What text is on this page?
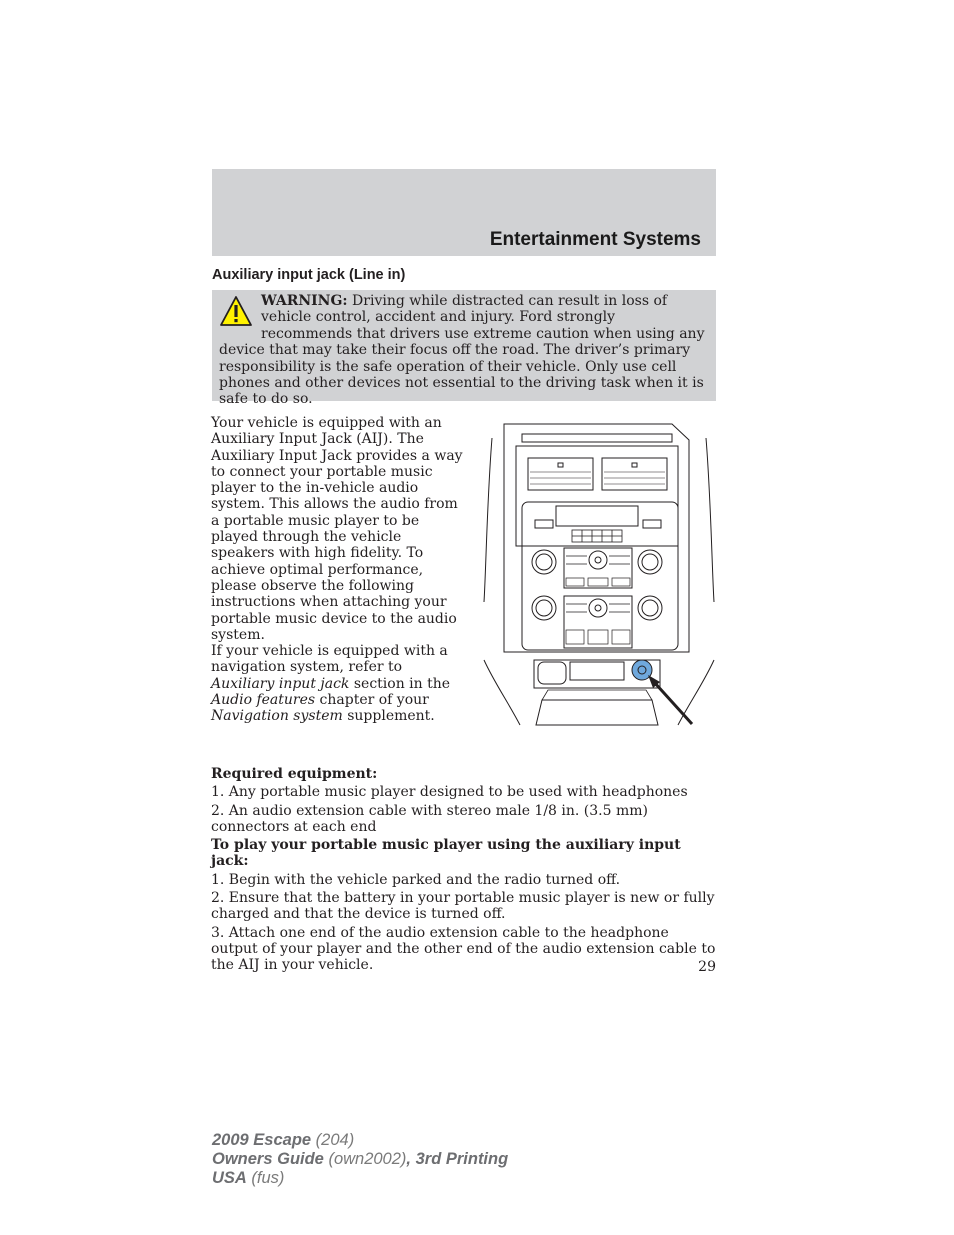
Entertainment Systems
Auxiliary input jack (Line in)
WARNING: Driving while distracted can result in loss of vehicle control, accident and injury. Ford strongly recommends that drivers use extreme caution when using any device that may take their focus off the road. The driver’s primary responsibility is the safe operation of their vehicle. Only use cell phones and other devices not essential to the driving task when it is safe to do so.

Your vehicle is equipped with an Auxiliary Input Jack (AIJ). The Auxiliary Input Jack provides a way to connect your portable music player to the in-vehicle audio system. This allows the audio from a portable music player to be played through the vehicle speakers with high fidelity. To achieve optimal performance, please observe the following instructions when attaching your portable music device to the audio system.

If your vehicle is equipped with a navigation system, refer to Auxiliary input jack section in the Audio features chapter of your Navigation system supplement.

Required equipment:

1. Any portable music player designed to be used with headphones

2. An audio extension cable with stereo male 1/8 in. (3.5 mm) connectors at each end

To play your portable music player using the auxiliary input jack:

1. Begin with the vehicle parked and the radio turned off.

2. Ensure that the battery in your portable music player is new or fully charged and that the device is turned off.

3. Attach one end of the audio extension cable to the headphone output of your player and the other end of the audio extension cable to the AIJ in your vehicle.	29
2009 Escape (204)
Owners Guide (own2002), 3rd Printing
USA (fus)
